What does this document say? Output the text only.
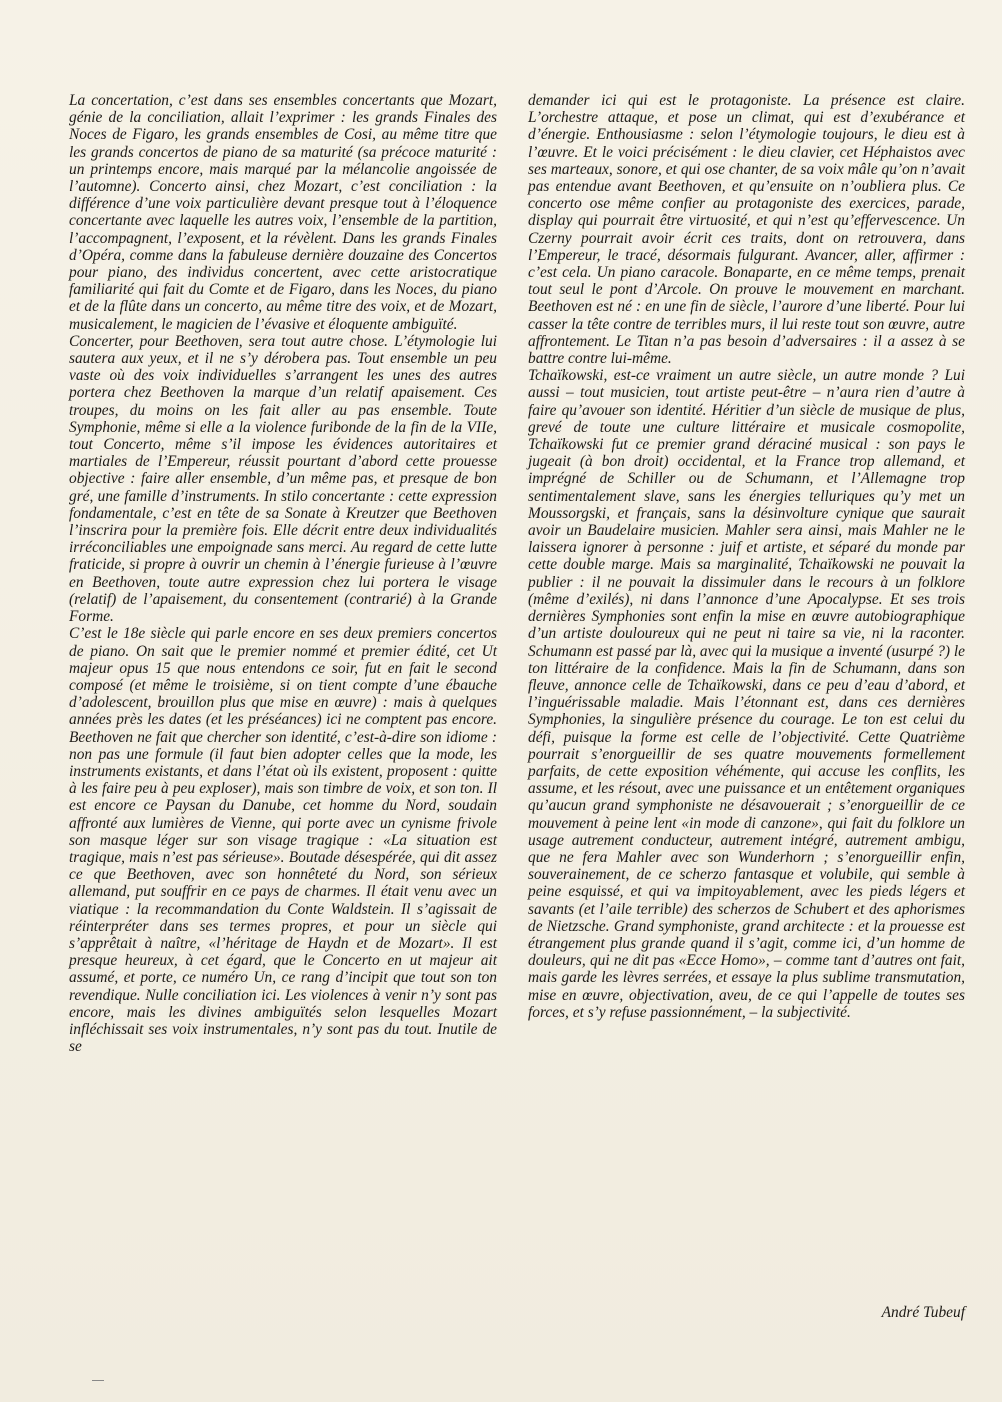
La concertation, c’est dans ses ensembles concertants que Mozart, génie de la conciliation, allait l’exprimer : les grands Finales des Noces de Figaro, les grands ensembles de Cosi, au même titre que les grands concertos de piano de sa maturité (sa précoce maturité : un printemps encore, mais marqué par la mélancolie angoissée de l’automne). Concerto ainsi, chez Mozart, c’est conciliation : la différence d’une voix particulière devant presque tout à l’éloquence concertante avec laquelle les autres voix, l’ensemble de la partition, l’accompagnent, l’exposent, et la révèlent. Dans les grands Finales d’Opéra, comme dans la fabuleuse dernière douzaine des Concertos pour piano, des individus concertent, avec cette aristocratique familiarité qui fait du Comte et de Figaro, dans les Noces, du piano et de la flûte dans un concerto, au même titre des voix, et de Mozart, musicalement, le magicien de l’évasive et éloquente ambiguïté.

Concerter, pour Beethoven, sera tout autre chose. L’étymologie lui sautera aux yeux, et il ne s’y dérobera pas. Tout ensemble un peu vaste où des voix individuelles s’arrangent les unes des autres portera chez Beethoven la marque d’un relatif apaisement. Ces troupes, du moins on les fait aller au pas ensemble. Toute Symphonie, même si elle a la violence furibonde de la fin de la VIIe, tout Concerto, même s’il impose les évidences autoritaires et martiales de l’Empereur, réussit pourtant d’abord cette prouesse objective : faire aller ensemble, d’un même pas, et presque de bon gré, une famille d’instruments. In stilo concertante : cette expression fondamentale, c’est en tête de sa Sonate à Kreutzer que Beethoven l’inscrira pour la première fois. Elle décrit entre deux individualités irréconciliables une empoignade sans merci. Au regard de cette lutte fraticide, si propre à ouvrir un chemin à l’énergie furieuse à l’œuvre en Beethoven, toute autre expression chez lui portera le visage (relatif) de l’apaisement, du consentement (contrarié) à la Grande Forme.

C’est le 18e siècle qui parle encore en ses deux premiers concertos de piano. On sait que le premier nommé et premier édité, cet Ut majeur opus 15 que nous entendons ce soir, fut en fait le second composé (et même le troisième, si on tient compte d’une ébauche d’adolescent, brouillon plus que mise en œuvre) : mais à quelques années près les dates (et les préséances) ici ne comptent pas encore. Beethoven ne fait que chercher son identité, c’est-à-dire son idiome : non pas une formule (il faut bien adopter celles que la mode, les instruments existants, et dans l’état où ils existent, proposent : quitte à les faire peu à peu exploser), mais son timbre de voix, et son ton. Il est encore ce Paysan du Danube, cet homme du Nord, soudain affronté aux lumières de Vienne, qui porte avec un cynisme frivole son masque léger sur son visage tragique : «La situation est tragique, mais n’est pas sérieuse». Boutade désespérée, qui dit assez ce que Beethoven, avec son honnêteté du Nord, son sérieux allemand, put souffrir en ce pays de charmes. Il était venu avec un viatique : la recommandation du Conte Waldstein. Il s’agissait de réinterpréter dans ses termes propres, et pour un siècle qui s’apprêtait à naître, «l’héritage de Haydn et de Mozart». Il est presque heureux, à cet égard, que le Concerto en ut majeur ait assumé, et porte, ce numéro Un, ce rang d’incipit que tout son ton revendique. Nulle conciliation ici. Les violences à venir n’y sont pas encore, mais les divines ambiguïtés selon lesquelles Mozart infléchissait ses voix instrumentales, n’y sont pas du tout. Inutile de se

demander ici qui est le protagoniste. La présence est claire. L’orchestre attaque, et pose un climat, qui est d’exubérance et d’énergie. Enthousiasme : selon l’étymologie toujours, le dieu est à l’œuvre. Et le voici précisément : le dieu clavier, cet Héphaistos avec ses marteaux, sonore, et qui ose chanter, de sa voix mâle qu’on n’avait pas entendue avant Beethoven, et qu’ensuite on n’oubliera plus. Ce concerto ose même confier au protagoniste des exercices, parade, display qui pourrait être virtuosité, et qui n’est qu’effervescence. Un Czerny pourrait avoir écrit ces traits, dont on retrouvera, dans l’Empereur, le tracé, désormais fulgurant. Avancer, aller, affirmer : c’est cela. Un piano caracole. Bonaparte, en ce même temps, prenait tout seul le pont d’Arcole. On prouve le mouvement en marchant. Beethoven est né : en une fin de siècle, l’aurore d’une liberté. Pour lui casser la tête contre de terribles murs, il lui reste tout son œuvre, autre affrontement. Le Titan n’a pas besoin d’adversaires : il a assez à se battre contre lui-même.

Tchaïkowski, est-ce vraiment un autre siècle, un autre monde ? Lui aussi – tout musicien, tout artiste peut-être – n’aura rien d’autre à faire qu’avouer son identité. Héritier d’un siècle de musique de plus, grevé de toute une culture littéraire et musicale cosmopolite, Tchaïkowski fut ce premier grand déraciné musical : son pays le jugeait (à bon droit) occidental, et la France trop allemand, et imprégné de Schiller ou de Schumann, et l’Allemagne trop sentimentalement slave, sans les énergies telluriques qu’y met un Moussorgski, et français, sans la désinvolture cynique que saurait avoir un Baudelaire musicien. Mahler sera ainsi, mais Mahler ne le laissera ignorer à personne : juif et artiste, et séparé du monde par cette double marge. Mais sa marginalité, Tchaïkowski ne pouvait la publier : il ne pouvait la dissimuler dans le recours à un folklore (même d’exilés), ni dans l’annonce d’une Apocalypse. Et ses trois dernières Symphonies sont enfin la mise en œuvre autobiographique d’un artiste douloureux qui ne peut ni taire sa vie, ni la raconter. Schumann est passé par là, avec qui la musique a inventé (usurpé ?) le ton littéraire de la confidence. Mais la fin de Schumann, dans son fleuve, annonce celle de Tchaïkowski, dans ce peu d’eau d’abord, et l’inguérissable maladie. Mais l’étonnant est, dans ces dernières Symphonies, la singulière présence du courage. Le ton est celui du défi, puisque la forme est celle de l’objectivité. Cette Quatrième pourrait s’enorgueillir de ses quatre mouvements formellement parfaits, de cette exposition véhémente, qui accuse les conflits, les assume, et les résout, avec une puissance et un entêtement organiques qu’aucun grand symphoniste ne désavouerait ; s’enorgueillir de ce mouvement à peine lent «in mode di canzone», qui fait du folklore un usage autrement conducteur, autrement intégré, autrement ambigu, que ne fera Mahler avec son Wunderhorn ; s’enorgueillir enfin, souverainement, de ce scherzo fantasque et volubile, qui semble à peine esquissé, et qui va impitoyablement, avec les pieds légers et savants (et l’aile terrible) des scherzos de Schubert et des aphorismes de Nietzsche. Grand symphoniste, grand architecte : et la prouesse est étrangement plus grande quand il s’agit, comme ici, d’un homme de douleurs, qui ne dit pas «Ecce Homo», – comme tant d’autres ont fait, mais garde les lèvres serrées, et essaye la plus sublime transmutation, mise en œuvre, objectivation, aveu, de ce qui l’appelle de toutes ses forces, et s’y refuse passionnément, – la subjectivité.

André Tubeuf
